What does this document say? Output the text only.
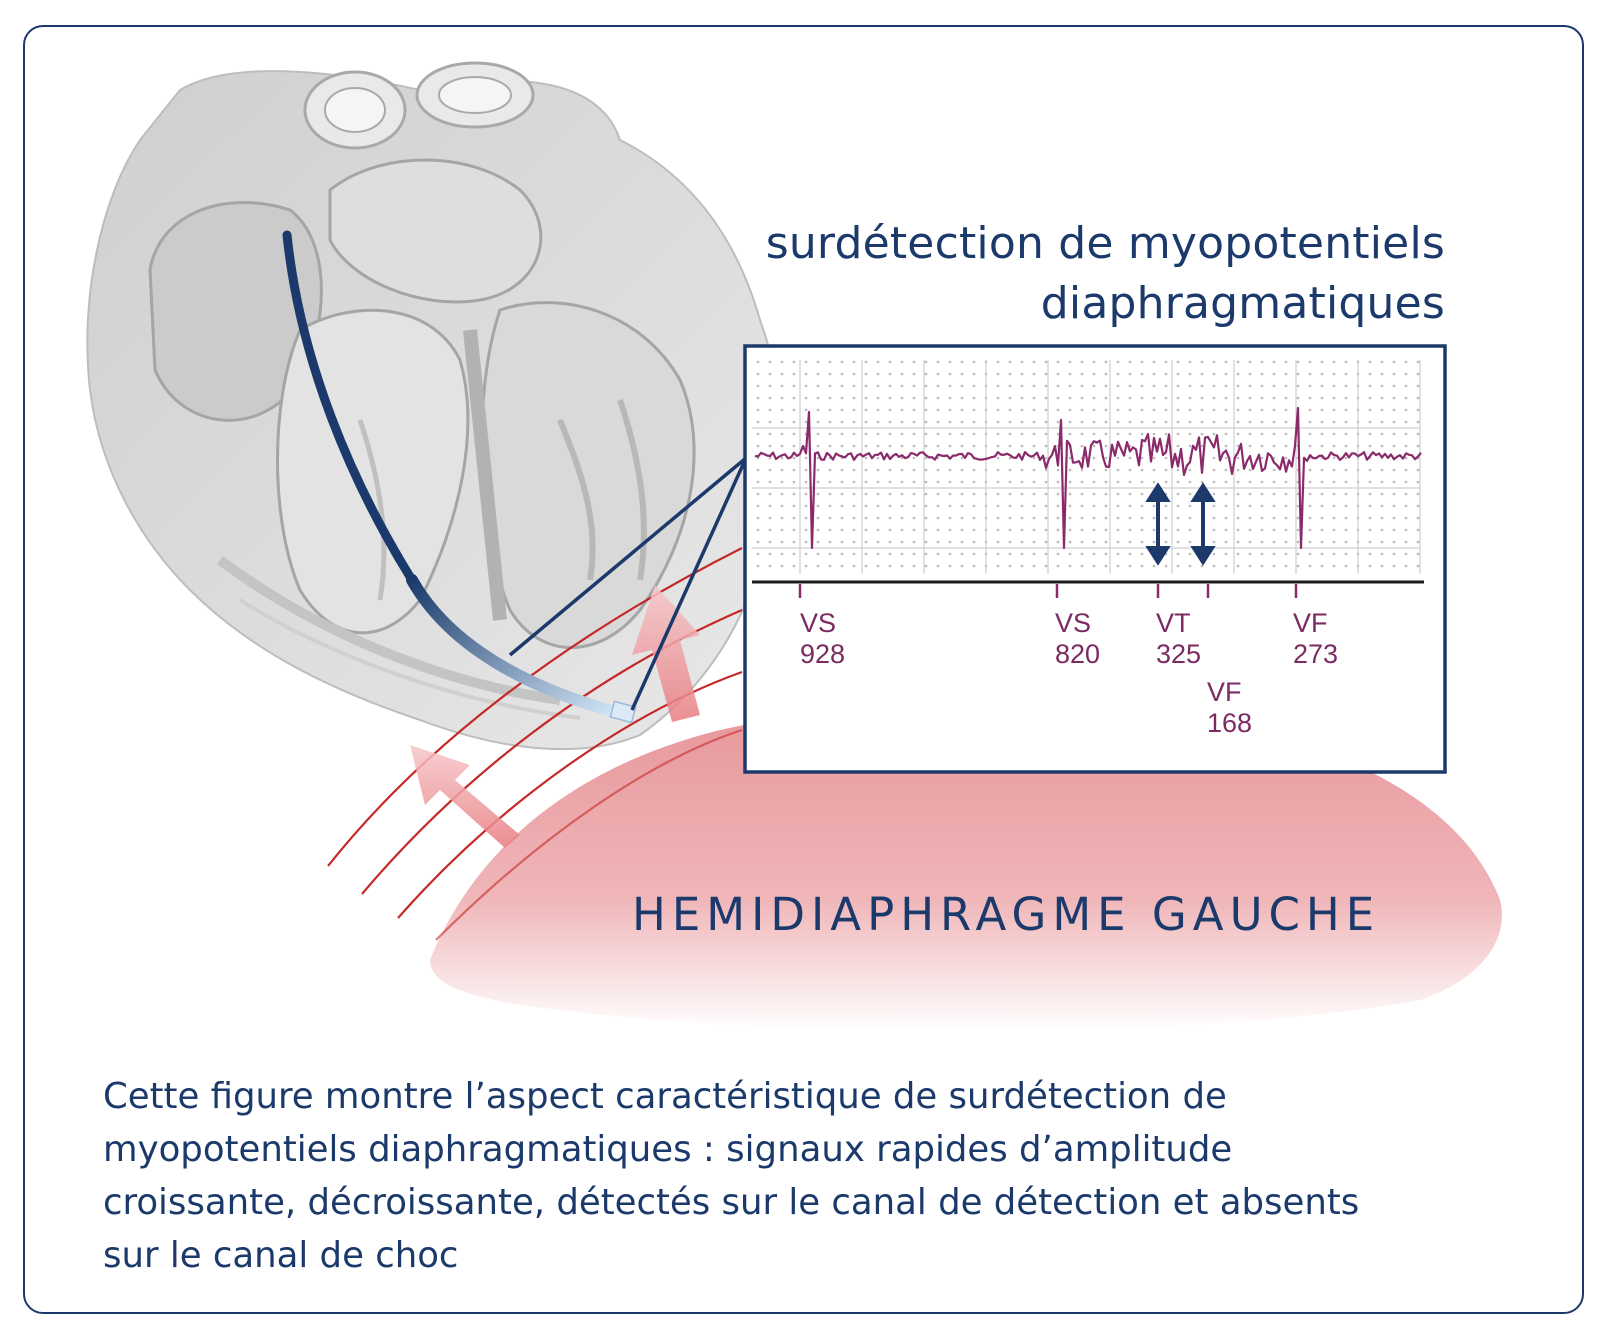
surdétection de myopotentiels
diaphragmatiques
VS
928
VS
820
VT
325
VF
168
VF
273
HEMIDIAPHRAGME GAUCHE
Cette figure montre l’aspect caractéristique de surdétection de
myopotentiels diaphragmatiques : signaux rapides d’amplitude
croissante, décroissante, détectés sur le canal de détection et absents
sur le canal de choc
